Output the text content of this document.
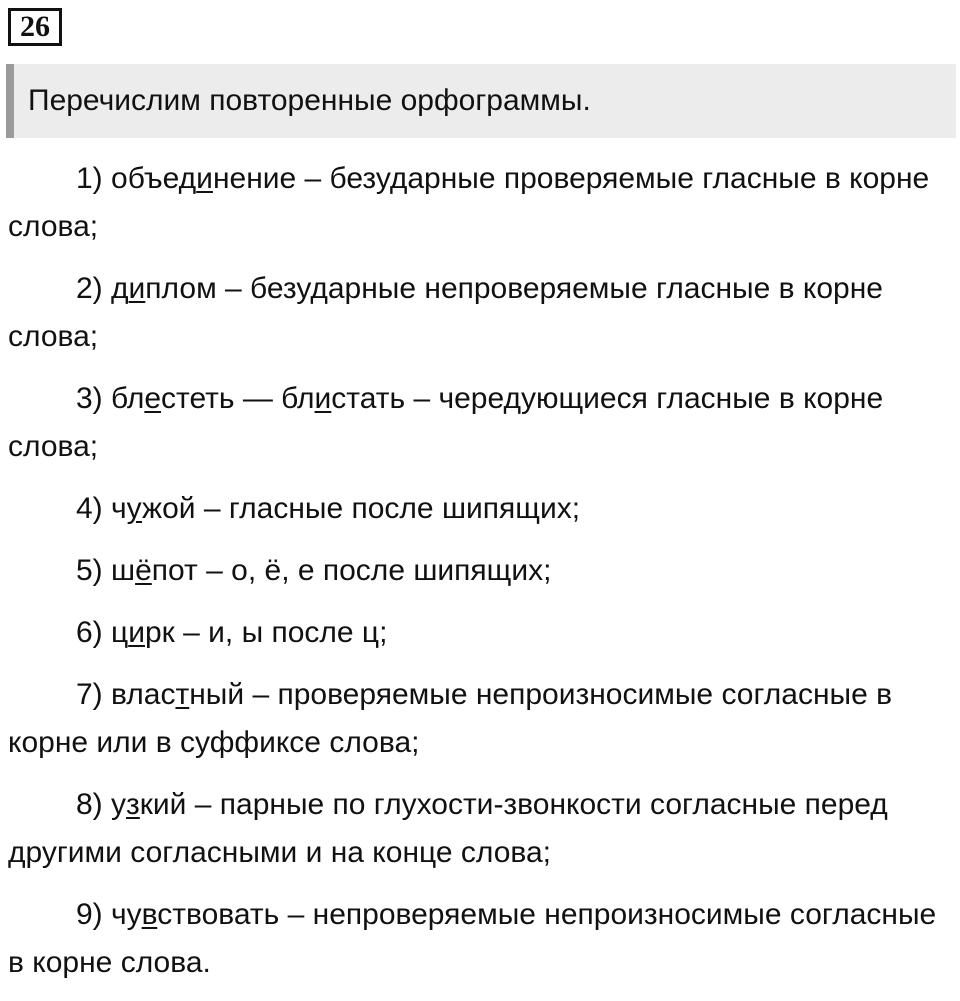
26
Перечислим повторенные орфограммы.

1) объединение – безударные проверяемые гласные в корне слова;

2) диплом – безударные непроверяемые гласные в корне слова;

3) блестеть — блистать – чередующиеся гласные в корне слова;

4) чужой – гласные после шипящих;

5) шёпот – о, ё, е после шипящих;

6) цирк – и, ы после ц;

7) властный – проверяемые непроизносимые согласные в корне или в суффиксе слова;

8) узкий – парные по глухости-звонкости согласные перед другими согласными и на конце слова;

9) чувствовать – непроверяемые непроизносимые согласные в корне слова.
